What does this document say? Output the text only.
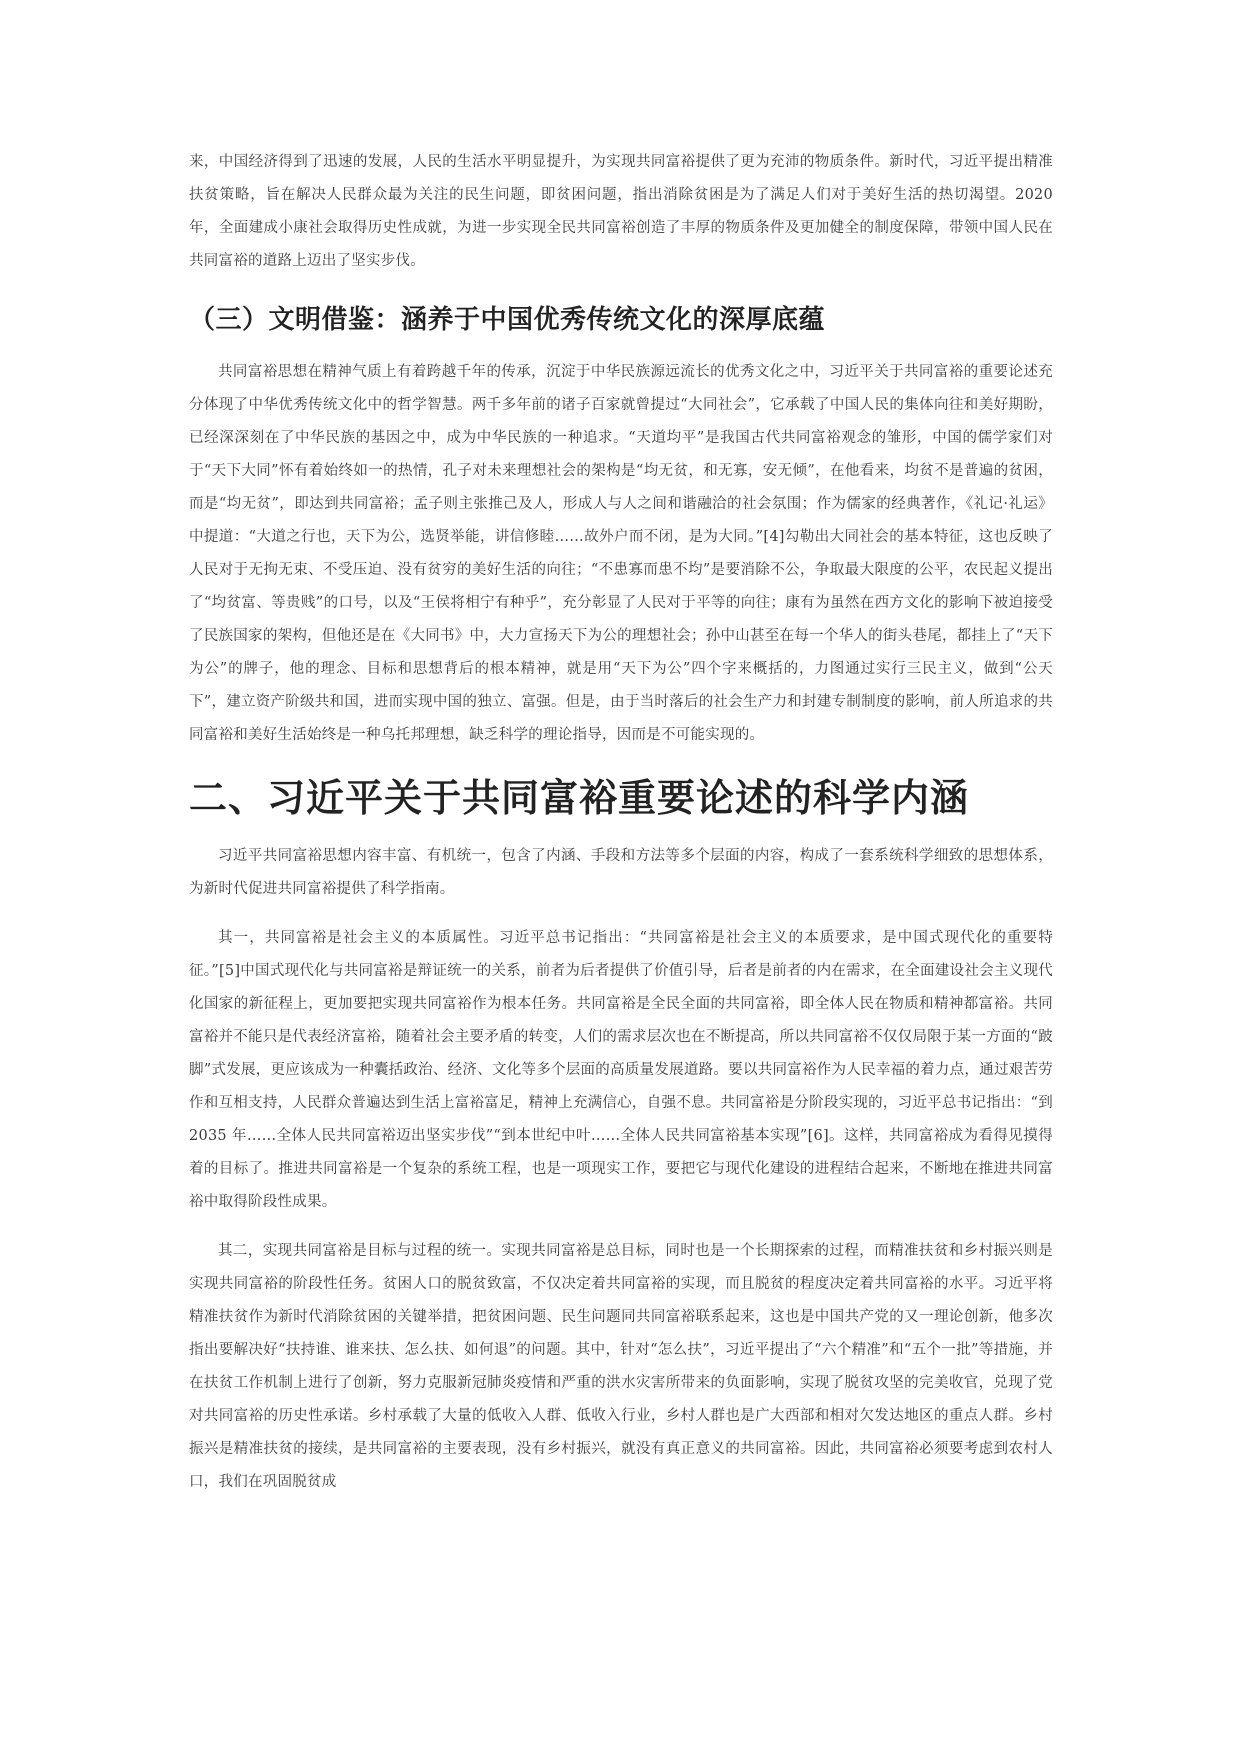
来，中国经济得到了迅速的发展，人民的生活水平明显提升，为实现共同富裕提供了更为充沛的物质条件。新时代，习近平提出精准扶贫策略，旨在解决人民群众最为关注的民生问题，即贫困问题，指出消除贫困是为了满足人们对于美好生活的热切渴望。2020 年，全面建成小康社会取得历史性成就，为进一步实现全民共同富裕创造了丰厚的物质条件及更加健全的制度保障，带领中国人民在共同富裕的道路上迈出了坚实步伐。

（三）文明借鉴：涵养于中国优秀传统文化的深厚底蕴

共同富裕思想在精神气质上有着跨越千年的传承，沉淀于中华民族源远流长的优秀文化之中，习近平关于共同富裕的重要论述充分体现了中华优秀传统文化中的哲学智慧。两千多年前的诸子百家就曾提过“大同社会”，它承载了中国人民的集体向往和美好期盼，已经深深刻在了中华民族的基因之中，成为中华民族的一种追求。“天道均平”是我国古代共同富裕观念的雏形，中国的儒学家们对于“天下大同”怀有着始终如一的热情，孔子对未来理想社会的架构是“均无贫，和无寡，安无倾”，在他看来，均贫不是普遍的贫困，而是“均无贫”，即达到共同富裕；孟子则主张推己及人，形成人与人之间和谐融洽的社会氛围；作为儒家的经典著作，《礼记·礼运》中提道：“大道之行也，天下为公，选贤举能，讲信修睦……故外户而不闭，是为大同。”[4]勾勒出大同社会的基本特征，这也反映了人民对于无拘无束、不受压迫、没有贫穷的美好生活的向往；“不患寡而患不均”是要消除不公，争取最大限度的公平，农民起义提出了“均贫富、等贵贱”的口号，以及“王侯将相宁有种乎”，充分彰显了人民对于平等的向往；康有为虽然在西方文化的影响下被迫接受了民族国家的架构，但他还是在《大同书》中，大力宣扬天下为公的理想社会；孙中山甚至在每一个华人的街头巷尾，都挂上了“天下为公”的牌子，他的理念、目标和思想背后的根本精神，就是用“天下为公”四个字来概括的，力图通过实行三民主义，做到“公天下”，建立资产阶级共和国，进而实现中国的独立、富强。但是，由于当时落后的社会生产力和封建专制制度的影响，前人所追求的共同富裕和美好生活始终是一种乌托邦理想，缺乏科学的理论指导，因而是不可能实现的。

二、习近平关于共同富裕重要论述的科学内涵

习近平共同富裕思想内容丰富、有机统一，包含了内涵、手段和方法等多个层面的内容，构成了一套系统科学细致的思想体系，为新时代促进共同富裕提供了科学指南。

其一，共同富裕是社会主义的本质属性。习近平总书记指出：“共同富裕是社会主义的本质要求，是中国式现代化的重要特征。”[5]中国式现代化与共同富裕是辩证统一的关系，前者为后者提供了价值引导，后者是前者的内在需求，在全面建设社会主义现代化国家的新征程上，更加要把实现共同富裕作为根本任务。共同富裕是全民全面的共同富裕，即全体人民在物质和精神都富裕。共同富裕并不能只是代表经济富裕，随着社会主要矛盾的转变，人们的需求层次也在不断提高，所以共同富裕不仅仅局限于某一方面的“跛脚”式发展，更应该成为一种囊括政治、经济、文化等多个层面的高质量发展道路。要以共同富裕作为人民幸福的着力点，通过艰苦劳作和互相支持，人民群众普遍达到生活上富裕富足，精神上充满信心，自强不息。共同富裕是分阶段实现的，习近平总书记指出：“到 2035 年……全体人民共同富裕迈出坚实步伐”“到本世纪中叶……全体人民共同富裕基本实现”[6]。这样，共同富裕成为看得见摸得着的目标了。推进共同富裕是一个复杂的系统工程，也是一项现实工作，要把它与现代化建设的进程结合起来，不断地在推进共同富裕中取得阶段性成果。

其二，实现共同富裕是目标与过程的统一。实现共同富裕是总目标，同时也是一个长期探索的过程，而精准扶贫和乡村振兴则是实现共同富裕的阶段性任务。贫困人口的脱贫致富，不仅决定着共同富裕的实现，而且脱贫的程度决定着共同富裕的水平。习近平将精准扶贫作为新时代消除贫困的关键举措，把贫困问题、民生问题同共同富裕联系起来，这也是中国共产党的又一理论创新，他多次指出要解决好“扶持谁、谁来扶、怎么扶、如何退”的问题。其中，针对“怎么扶”，习近平提出了“六个精准”和“五个一批”等措施，并在扶贫工作机制上进行了创新，努力克服新冠肺炎疫情和严重的洪水灾害所带来的负面影响，实现了脱贫攻坚的完美收官，兑现了党对共同富裕的历史性承诺。乡村承载了大量的低收入人群、低收入行业，乡村人群也是广大西部和相对欠发达地区的重点人群。乡村振兴是精准扶贫的接续，是共同富裕的主要表现，没有乡村振兴，就没有真正意义的共同富裕。因此，共同富裕必须要考虑到农村人口，我们在巩固脱贫成
